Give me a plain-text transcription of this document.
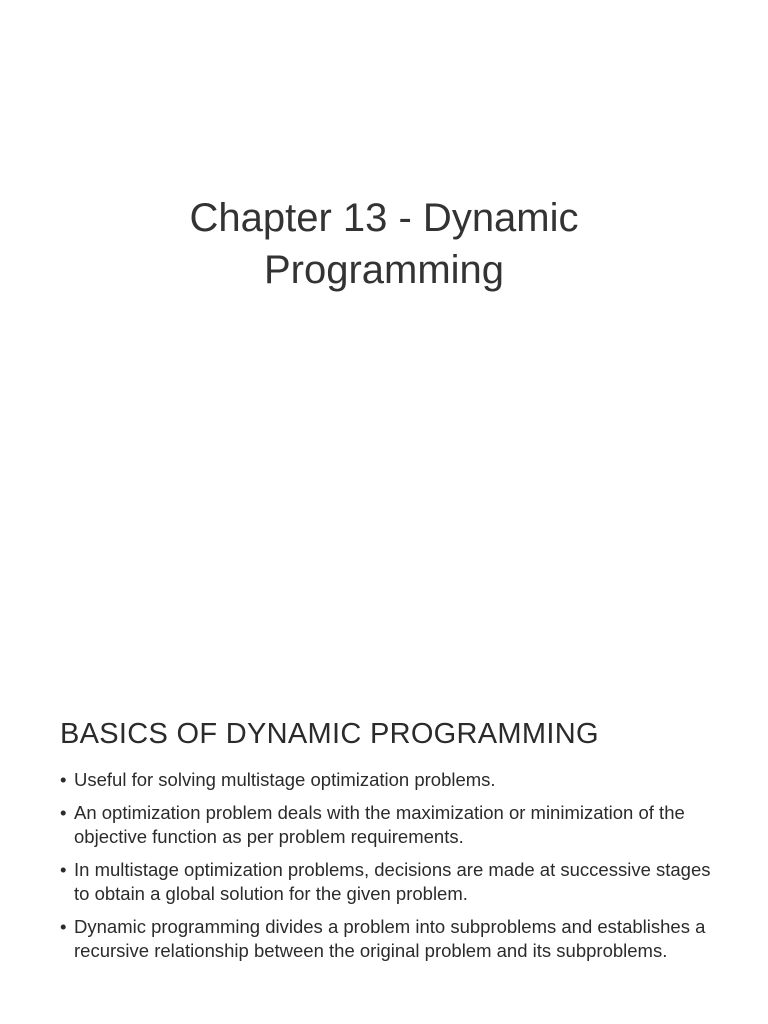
Chapter 13 - Dynamic
Programming
BASICS OF DYNAMIC PROGRAMMING
• Useful for solving multistage optimization problems.
• An optimization problem deals with the maximization or minimization of the objective function as per problem requirements.
• In multistage optimization problems, decisions are made at successive stages to obtain a global solution for the given problem.
• Dynamic programming divides a problem into subproblems and establishes a recursive relationship between the original problem and its subproblems.
